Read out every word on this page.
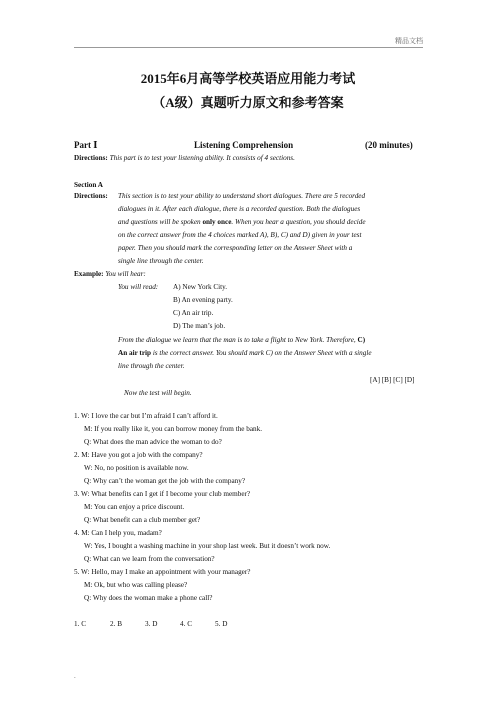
精品文档
2015年6月高等学校英语应用能力考试
（A级）真题听力原文和参考答案
Part Ⅰ	Listening Comprehension	(20 minutes)
Directions: This part is to test your listening ability. It consists of 4 sections.
Section A
Directions: This section is to test your ability to understand short dialogues. There are 5 recorded
dialogues in it. After each dialogue, there is a recorded question. Both the dialogues
and questions will be spoken only once. When you hear a question, you should decide
on the correct answer from the 4 choices marked A), B), C) and D) given in your test
paper. Then you should mark the corresponding letter on the Answer Sheet with a
single line through the center.
Example: You will hear:
You will read: A) New York City.
B) An evening party.
C) An air trip.
D) The man’s job.
From the dialogue we learn that the man is to take a flight to New York. Therefore, C)
An air trip is the correct answer. You should mark C) on the Answer Sheet with a single
line through the center.
[A] [B] [C] [D]
Now the test will begin.
1. W: I love the car but I’m afraid I can’t afford it.
M: If you really like it, you can borrow money from the bank.
Q: What does the man advice the woman to do?
2. M: Have you got a job with the company?
W: No, no position is available now.
Q: Why can’t the woman get the job with the company?
3. W: What benefits can I get if I become your club member?
M: You can enjoy a price discount.
Q: What benefit can a club member get?
4. M: Can I help you, madam?
W: Yes, I bought a washing machine in your shop last week. But it doesn’t work now.
Q: What can we learn from the conversation?
5. W: Hello, may I make an appointment with your manager?
M: Ok, but who was calling please?
Q: Why does the woman make a phone call?
1. C	2. B	3. D	4. C	5. D
.
